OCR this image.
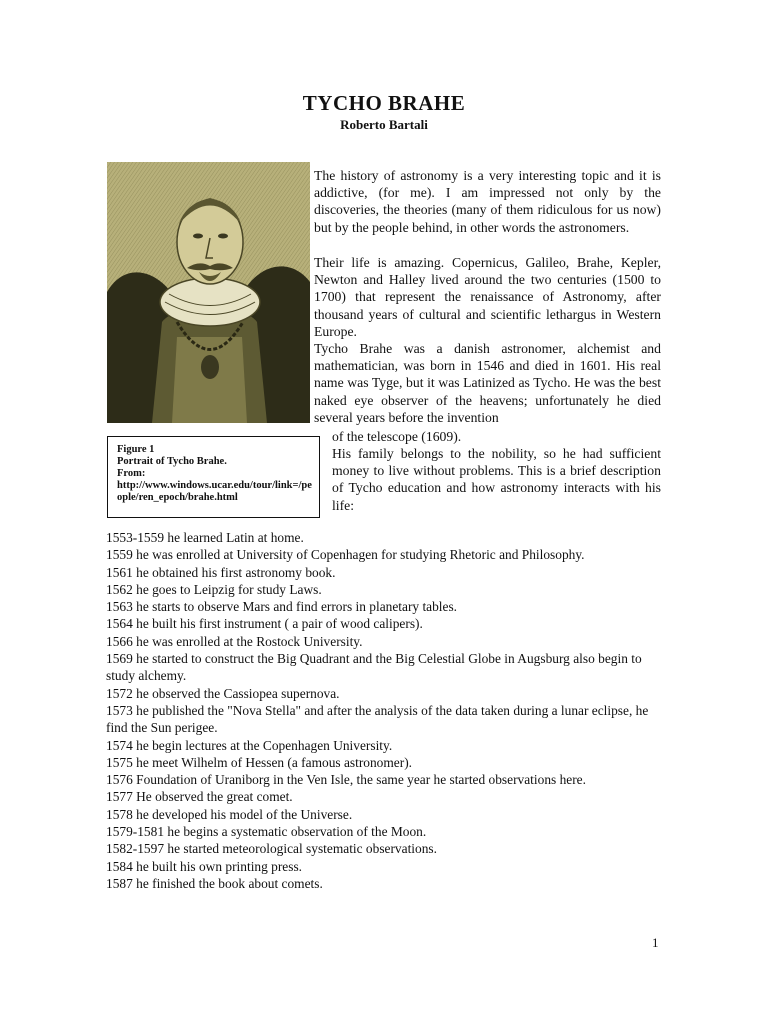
TYCHO BRAHE
Roberto Bartali
Figure 1
Portrait of Tycho Brahe.
From:
http://www.windows.ucar.edu/tour/link=/people/ren_epoch/brahe.html
The history of astronomy is a very interesting topic and it is addictive, (for me). I am impressed not only by the discoveries, the theories (many of them ridiculous for us now) but by the people behind, in other words the astronomers.
Their life is amazing. Copernicus, Galileo, Brahe, Kepler, Newton and Halley lived around the two centuries (1500 to 1700) that represent the renaissance of Astronomy, after thousand years of cultural and scientific lethargus in Western Europe.
Tycho Brahe was a danish astronomer, alchemist and mathematician, was born in 1546 and died in 1601. His real name was Tyge, but it was Latinized as Tycho. He was the best naked eye observer of the heavens; unfortunately he died several years before the invention
of the telescope (1609).
His family belongs to the nobility, so he had sufficient money to live without problems. This is a brief description of Tycho education and how astronomy interacts with his life:
1553-1559 he learned Latin at home.
1559 he was enrolled at University of Copenhagen for studying Rhetoric and Philosophy.
1561 he obtained his first astronomy book.
1562 he goes to Leipzig for study Laws.
1563 he starts to observe Mars and find errors in planetary tables.
1564 he built his first instrument ( a pair of wood calipers).
1566 he was enrolled at the Rostock University.
1569 he started to construct the Big Quadrant and the Big Celestial Globe in Augsburg also begin to study alchemy.
1572 he observed the Cassiopea supernova.
1573 he published the "Nova Stella" and after the analysis of the data taken during a lunar eclipse, he find the Sun perigee.
1574 he begin lectures at the Copenhagen University.
1575 he meet Wilhelm of Hessen (a famous astronomer).
1576 Foundation of Uraniborg in the Ven Isle, the same year he started observations here.
1577 He observed the great comet.
1578 he developed his model of the Universe.
1579-1581 he begins a systematic observation of the Moon.
1582-1597 he started meteorological systematic observations.
1584 he built his own printing press.
1587 he finished the book about comets.
1
